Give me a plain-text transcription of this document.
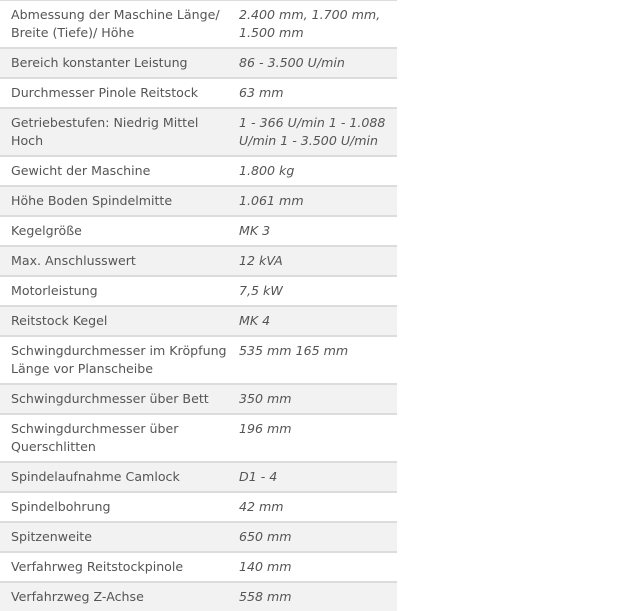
Abmessung der Maschine Länge/ Breite (Tiefe)/ Höhe	2.400 mm, 1.700 mm, 1.500 mm
Bereich konstanter Leistung	86 - 3.500 U/min
Durchmesser Pinole Reitstock	63 mm
Getriebestufen: Niedrig Mittel Hoch	1 - 366 U/min 1 - 1.088 U/min 1 - 3.500 U/min
Gewicht der Maschine	1.800 kg
Höhe Boden Spindelmitte	1.061 mm
Kegelgröße	MK 3
Max. Anschlusswert	12 kVA
Motorleistung	7,5 kW
Reitstock Kegel	MK 4
Schwingdurchmesser im Kröpfung Länge vor Planscheibe	535 mm 165 mm
Schwingdurchmesser über Bett	350 mm
Schwingdurchmesser über Querschlitten	196 mm
Spindelaufnahme Camlock	D1 - 4
Spindelbohrung	42 mm
Spitzenweite	650 mm
Verfahrweg Reitstockpinole	140 mm
Verfahrzweg Z-Achse	558 mm
